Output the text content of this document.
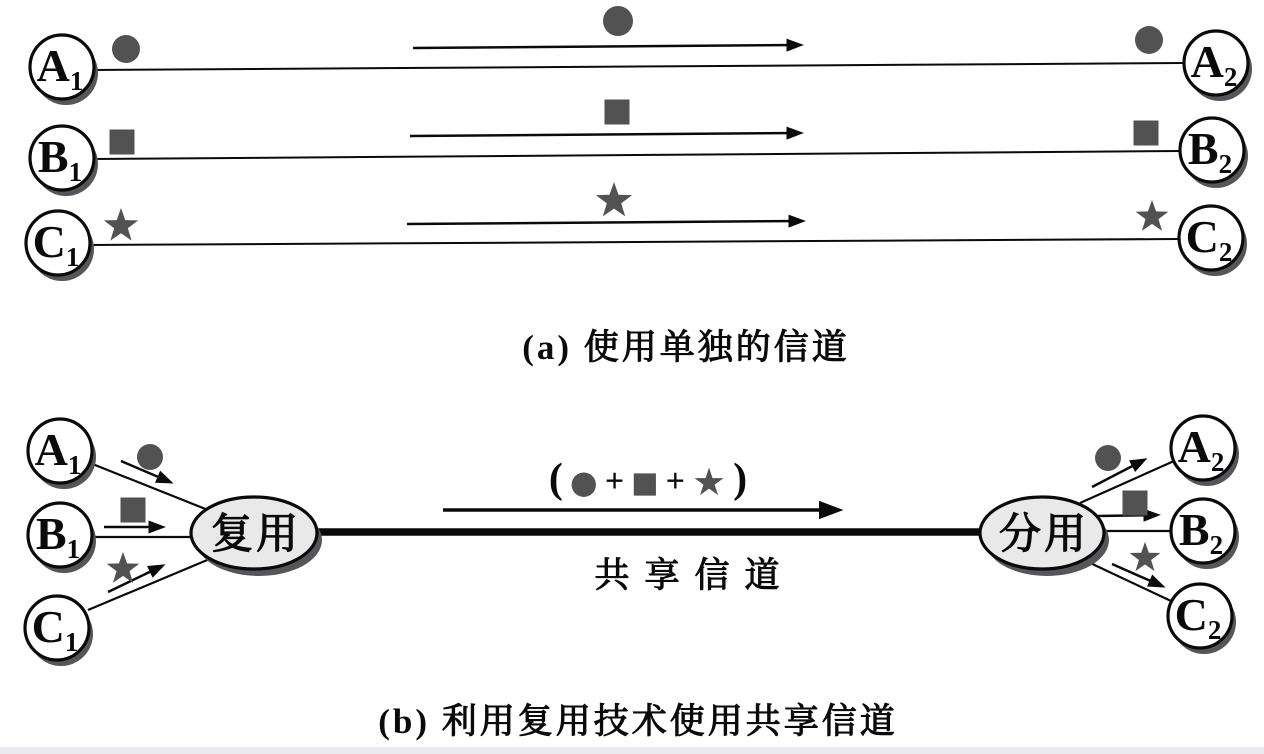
A1
B1
C1
A2
B2
C2
复用	分用
A1
B1
C1
A2
B2
C2
( ● + ■ + ★ )
共享信道
(a) 使用单独的信道
(b) 利用复用技术使用共享信道
